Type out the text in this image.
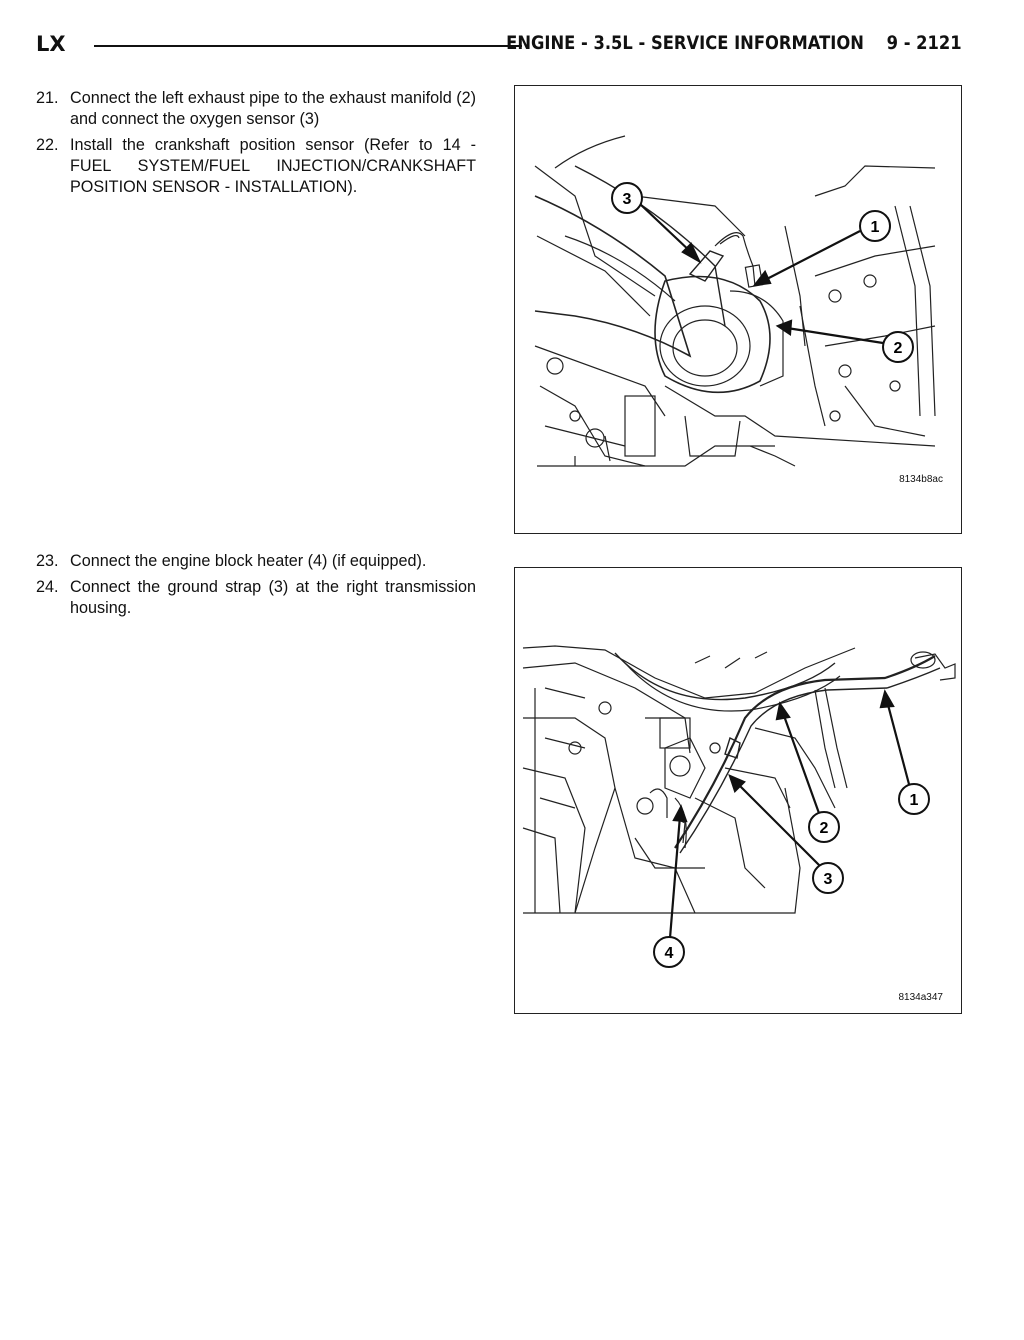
LX	ENGINE - 3.5L - SERVICE INFORMATION    9 - 2121
21. Connect the left exhaust pipe to the exhaust manifold (2) and connect the oxygen sensor (3)
22. Install the crankshaft position sensor (Refer to 14 - FUEL SYSTEM/FUEL INJECTION/CRANKSHAFT POSITION SENSOR - INSTALLATION).
23. Connect the engine block heater (4) (if equipped).
24. Connect the ground strap (3) at the right transmission housing.
3
1
2
8134b8ac
1
2
3
4
8134a347
